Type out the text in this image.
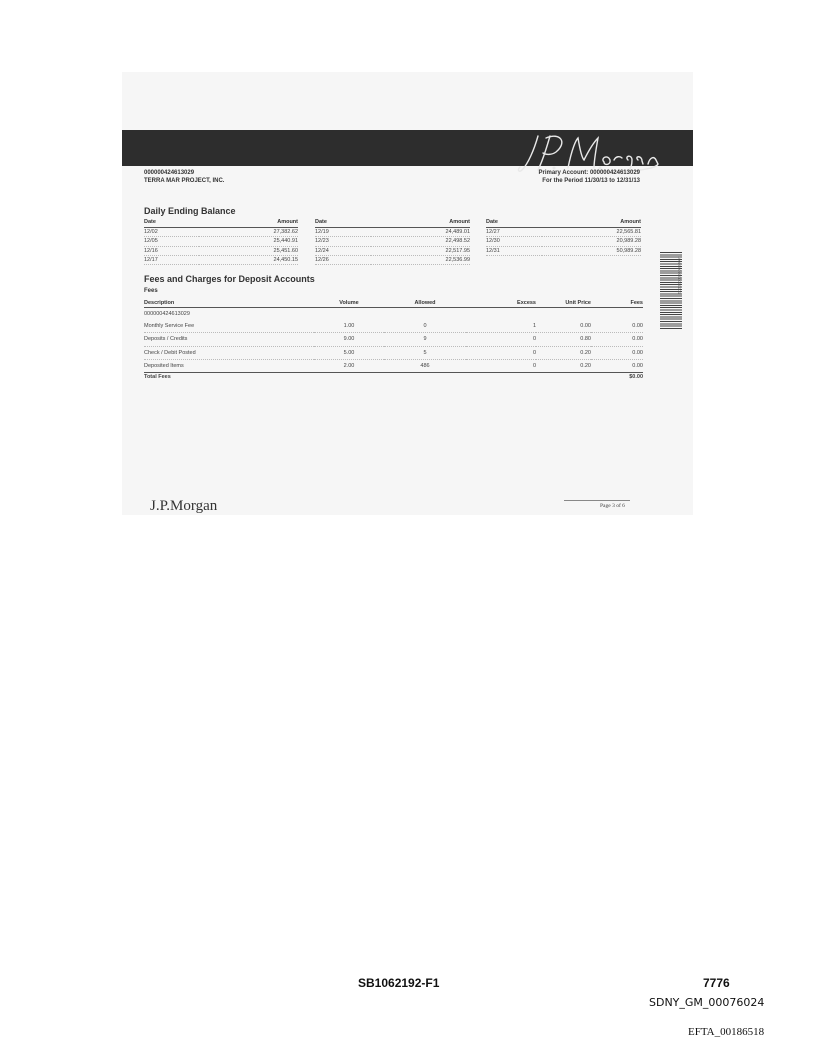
000000424613029
TERRA MAR PROJECT, INC.
Primary Account: 000000424613029
For the Period 11/30/13 to 12/31/13
Daily Ending Balance
Date	Amount
12/02	27,382.62
12/05	25,440.91
12/16	25,451.60
12/17	24,450.15
Date	Amount
12/19	24,489.01
12/23	22,498.52
12/24	22,517.95
12/26	22,536.99
Date	Amount
12/27	22,565.81
12/30	20,989.28
12/31	50,989.28
Fees and Charges for Deposit Accounts
Fees
Description	Volume	Allowed	Excess	Unit Price	Fees
000000424613029					
Monthly Service Fee	1.00	0	1	0.00	0.00
Deposits / Credits	9.00	9	0	0.80	0.00
Check / Debit Posted	5.00	5	0	0.20	0.00
Deposited Items	2.00	486	0	0.20	0.00
Total Fees					$0.00
J.P.Morgan	Page 3 of 6
10000000000000000
SB1062192-F1	7776
SDNY_GM_00076024
EFTA_00186518
